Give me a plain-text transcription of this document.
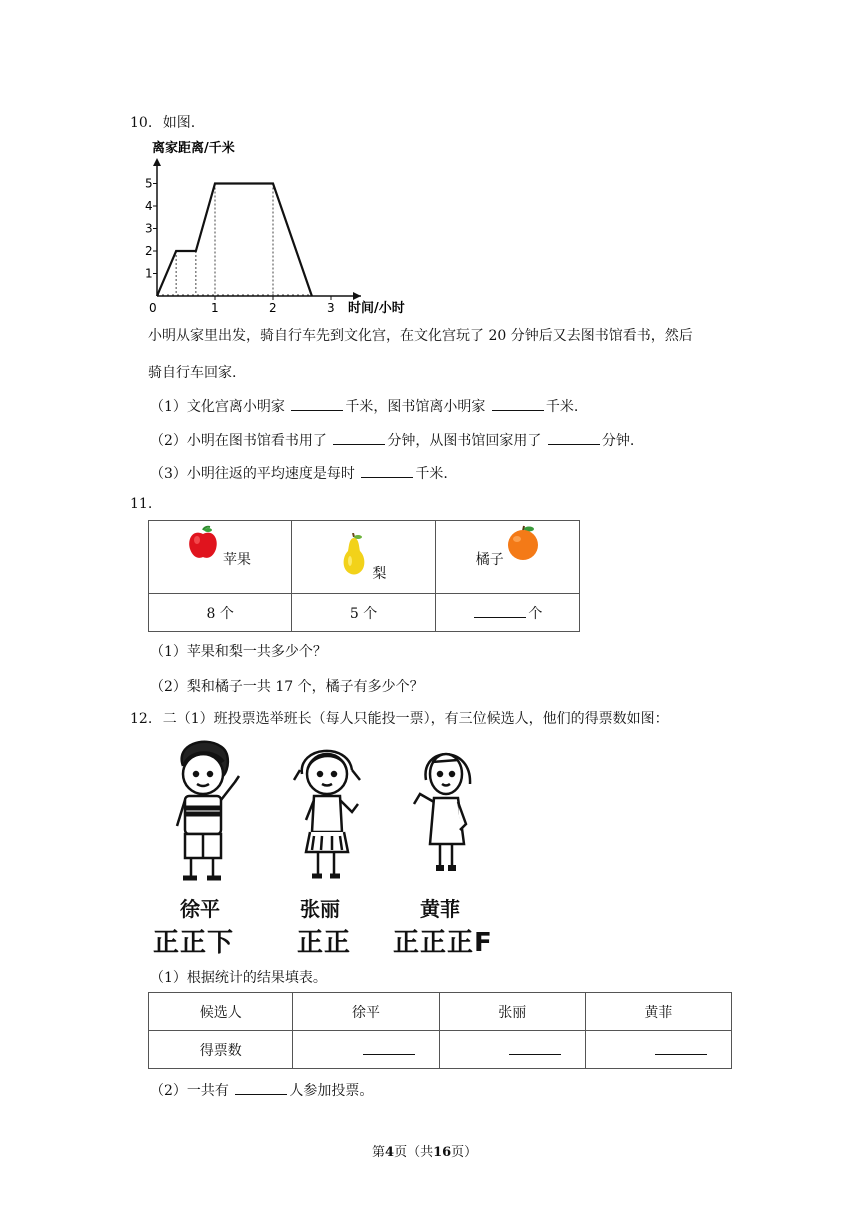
10. 如图.
离家距离/千米
时间/小时
1
2
3
4
5
0	1	2	3
小明从家里出发，骑自行车先到文化宫，在文化宫玩了 20 分钟后又去图书馆看书，然后
骑自行车回家.
（1）文化宫离小明家	千米，图书馆离小明家	千米.
（2）小明在图书馆看书用了	分钟，从图书馆回家用了	分钟.
（3）小明往返的平均速度是每时	千米.
11.
苹果	梨	橘子

8 个	5 个	个
（1）苹果和梨一共多少个？
（2）梨和橘子一共 17 个，橘子有多少个？
12. 二（1）班投票选举班长（每人只能投一票），有三位候选人，他们的得票数如图：
徐平	张丽	黄菲
正正下 正正 正正正F
（1）根据统计的结果填表。
候选人	徐平	张丽	黄菲
得票数			
（2）一共有	人参加投票。
第4页（共16页）
